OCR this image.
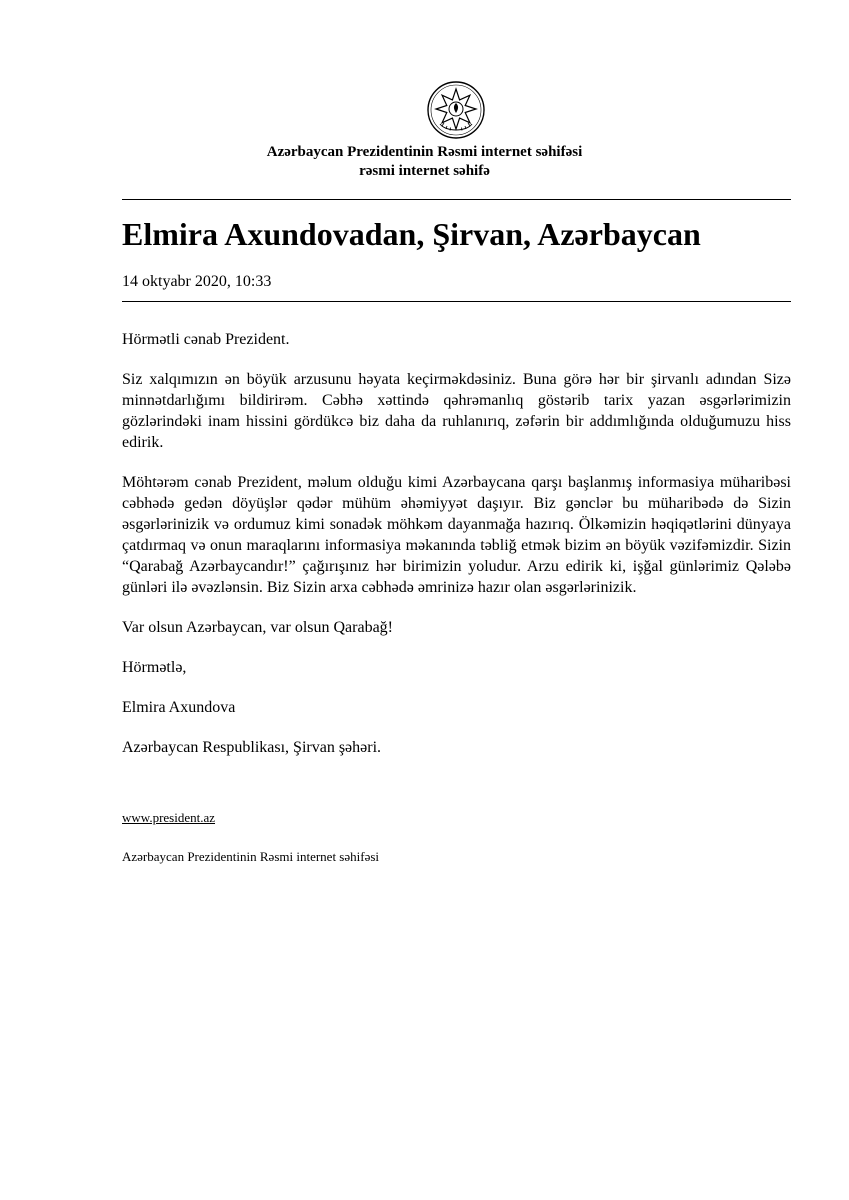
Azərbaycan Prezidentinin Rəsmi internet səhifəsi
rəsmi internet səhifə
Elmira Axundovadan, Şirvan, Azərbaycan
14 oktyabr 2020, 10:33

Hörmətli cənab Prezident.

Siz xalqımızın ən böyük arzusunu həyata keçirməkdəsiniz. Buna görə hər bir şirvanlı adından Sizə minnətdarlığımı bildirirəm. Cəbhə xəttində qəhrəmanlıq göstərib tarix yazan əsgərlərimizin gözlərindəki inam hissini gördükcə biz daha da ruhlanırıq, zəfərin bir addımlığında olduğumuzu hiss edirik.

Möhtərəm cənab Prezident, məlum olduğu kimi Azərbaycana qarşı başlanmış informasiya müharibəsi cəbhədə gedən döyüşlər qədər mühüm əhəmiyyət daşıyır. Biz gənclər bu müharibədə də Sizin əsgərlərinizik və ordumuz kimi sonadək möhkəm dayanmağa hazırıq. Ölkəmizin həqiqətlərini dünyaya çatdırmaq və onun maraqlarını informasiya məkanında təbliğ etmək bizim ən böyük vəzifəmizdir. Sizin “Qarabağ Azərbaycandır!” çağırışınız hər birimizin yoludur. Arzu edirik ki, işğal günlərimiz Qələbə günləri ilə əvəzlənsin. Biz Sizin arxa cəbhədə əmrinizə hazır olan əsgərlərinizik.

Var olsun Azərbaycan, var olsun Qarabağ!

Hörmətlə,

Elmira Axundova

Azərbaycan Respublikası, Şirvan şəhəri.

www.president.az
Azərbaycan Prezidentinin Rəsmi internet səhifəsi
